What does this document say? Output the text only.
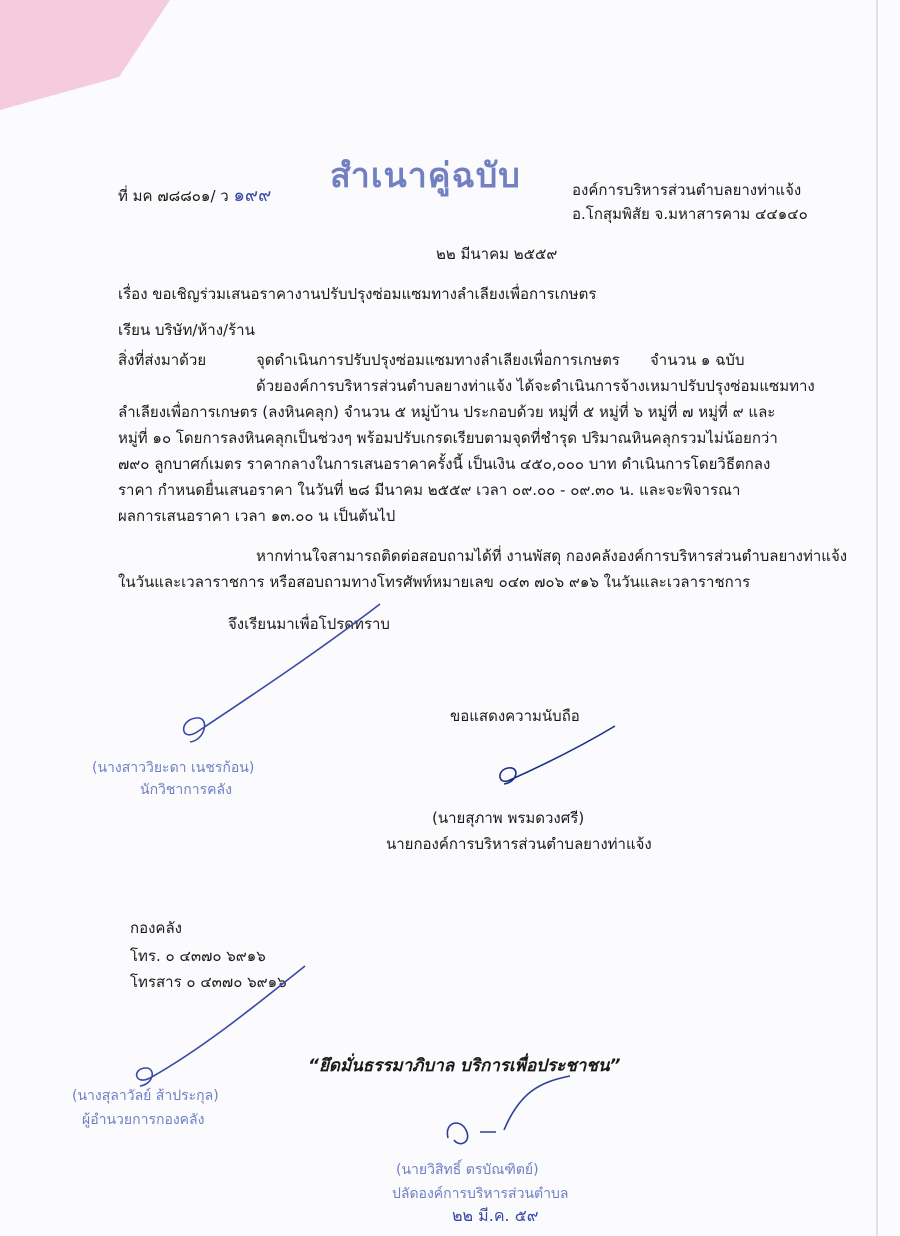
สำเนาคู่ฉบับ
ที่ มค ๗๘๘๐๑/ ว ๑๙๙	องค์การบริหารส่วนตำบลยางท่าแจ้ง
อ.โกสุมพิสัย จ.มหาสารคาม ๔๔๑๔๐
๒๒ มีนาคม ๒๕๕๙
เรื่อง ขอเชิญร่วมเสนอราคางานปรับปรุงซ่อมแซมทางลำเลียงเพื่อการเกษตร
เรียน บริษัท/ห้าง/ร้าน
สิ่งที่ส่งมาด้วย	จุดดำเนินการปรับปรุงซ่อมแซมทางลำเลียงเพื่อการเกษตร จำนวน ๑ ฉบับ
ด้วยองค์การบริหารส่วนตำบลยางท่าแจ้ง ได้จะดำเนินการจ้างเหมาปรับปรุงซ่อมแซมทาง
ลำเลียงเพื่อการเกษตร (ลงหินคลุก) จำนวน ๕ หมู่บ้าน ประกอบด้วย หมู่ที่ ๕ หมู่ที่ ๖ หมู่ที่ ๗ หมู่ที่ ๙ และ
หมู่ที่ ๑๐ โดยการลงหินคลุกเป็นช่วงๆ พร้อมปรับเกรดเรียบตามจุดที่ชำรุด ปริมาณหินคลุกรวมไม่น้อยกว่า
๗๙๐ ลูกบาศก์เมตร ราคากลางในการเสนอราคาครั้งนี้ เป็นเงิน ๔๕๐,๐๐๐ บาท ดำเนินการโดยวิธีตกลง
ราคา กำหนดยื่นเสนอราคา ในวันที่ ๒๘ มีนาคม ๒๕๕๙ เวลา ๐๙.๐๐ - ๐๙.๓๐ น. และจะพิจารณา
ผลการเสนอราคา เวลา ๑๓.๐๐ น เป็นต้นไป
หากท่านใจสามารถติดต่อสอบถามได้ที่ งานพัสดุ กองคลังองค์การบริหารส่วนตำบลยางท่าแจ้ง
ในวันและเวลาราชการ หรือสอบถามทางโทรศัพท์หมายเลข ๐๔๓ ๗๐๖ ๙๑๖ ในวันและเวลาราชการ
จึงเรียนมาเพื่อโปรดทราบ
(นางสาววิยะดา เนชรก้อน)
นักวิชาการคลัง
ขอแสดงความนับถือ
(นายสุภาพ พรมดวงศรี)
นายกองค์การบริหารส่วนตำบลยางท่าแจ้ง
กองคลัง
โทร. ๐ ๔๓๗๐ ๖๙๑๖
โทรสาร ๐ ๔๓๗๐ ๖๙๑๖
“ยึดมั่นธรรมาภิบาล บริการเพื่อประชาชน”
(นางสุลาวัลย์ ส้าประกุล)
ผู้อำนวยการกองคลัง
(นายวิสิทธิ์ ตรบัณฑิตย์)
ปลัดองค์การบริหารส่วนตำบล
๒๒ มี.ค. ๕๙
